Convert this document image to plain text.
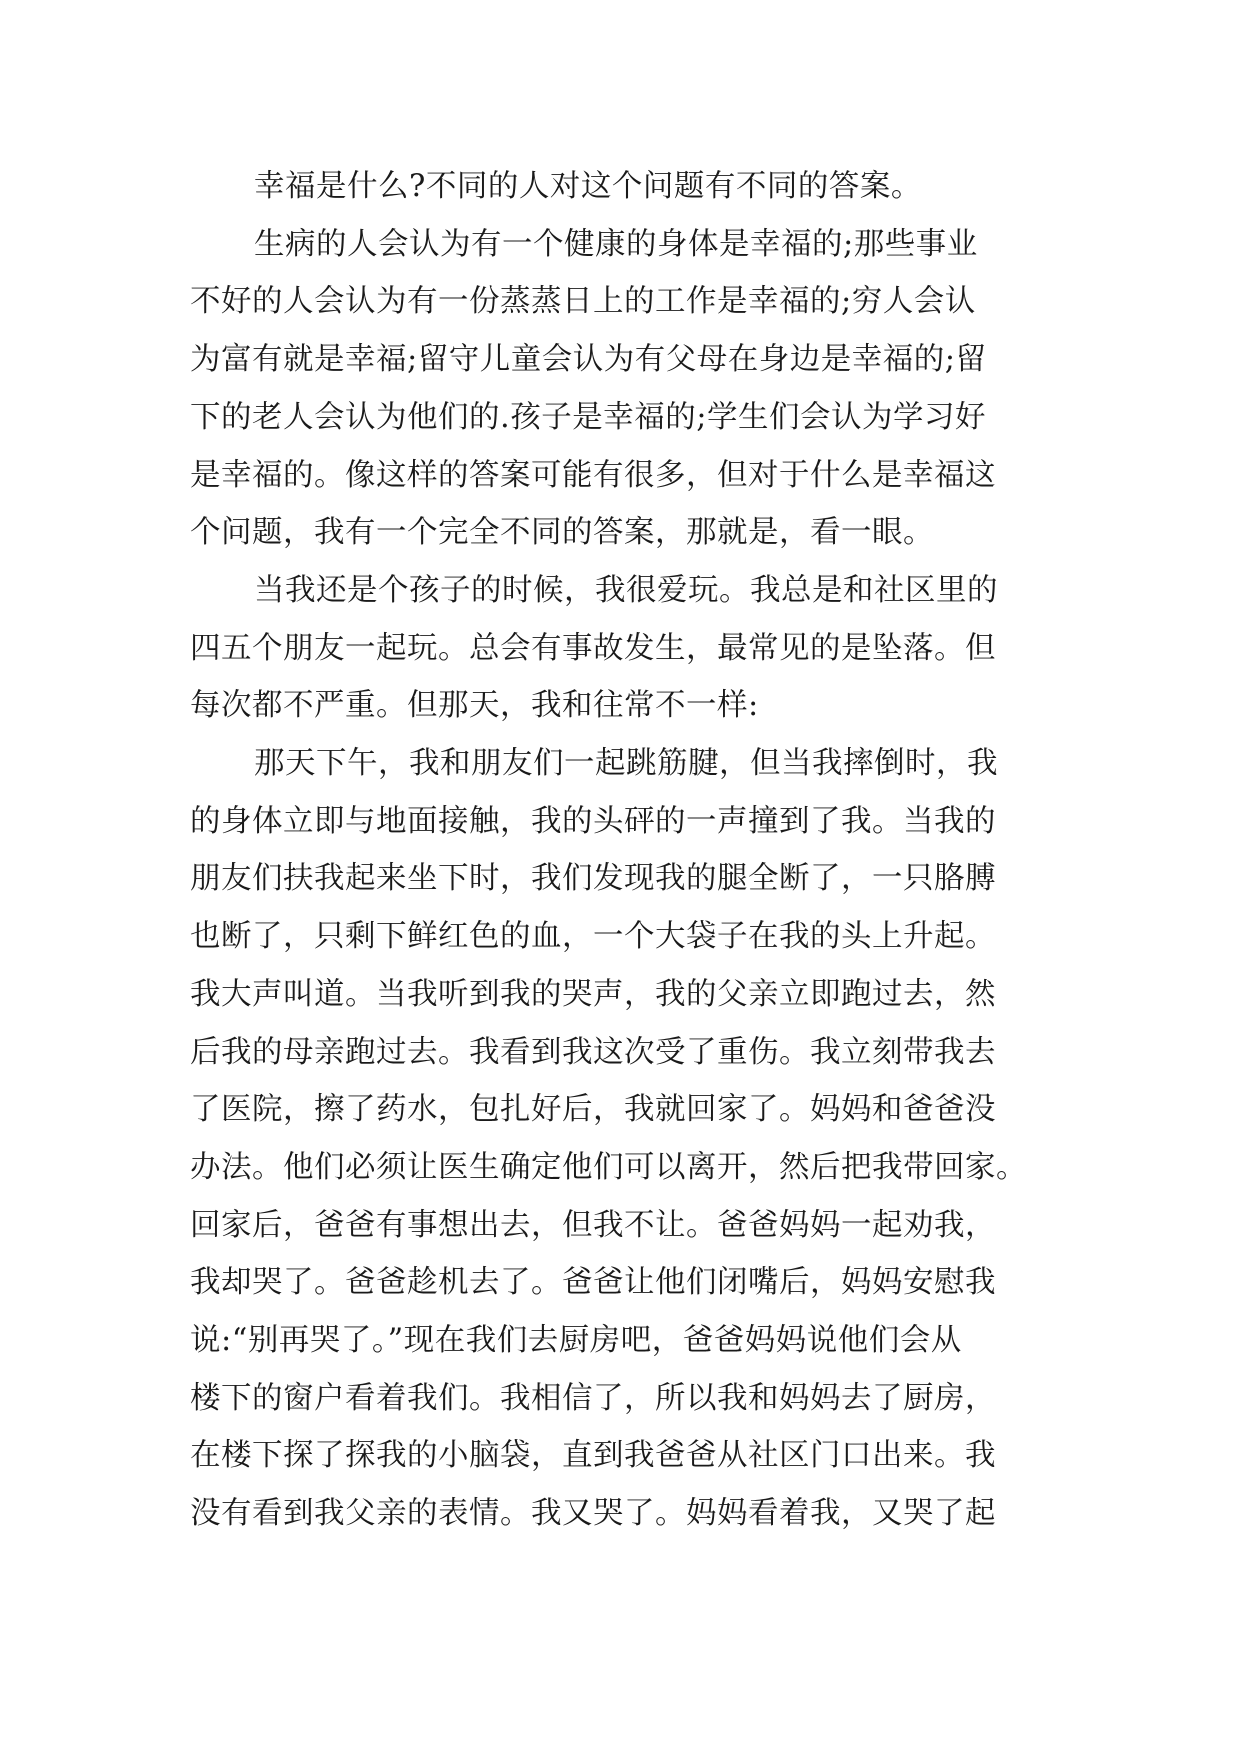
幸福是什么?不同的人对这个问题有不同的答案。

生病的人会认为有一个健康的身体是幸福的;那些事业
不好的人会认为有一份蒸蒸日上的工作是幸福的;穷人会认
为富有就是幸福;留守儿童会认为有父母在身边是幸福的;留
下的老人会认为他们的.孩子是幸福的;学生们会认为学习好
是幸福的。像这样的答案可能有很多，但对于什么是幸福这
个问题，我有一个完全不同的答案，那就是，看一眼。

当我还是个孩子的时候，我很爱玩。我总是和社区里的
四五个朋友一起玩。总会有事故发生，最常见的是坠落。但
每次都不严重。但那天，我和往常不一样:

那天下午，我和朋友们一起跳筋腱，但当我摔倒时，我
的身体立即与地面接触，我的头砰的一声撞到了我。当我的
朋友们扶我起来坐下时，我们发现我的腿全断了，一只胳膊
也断了，只剩下鲜红色的血，一个大袋子在我的头上升起。
我大声叫道。当我听到我的哭声，我的父亲立即跑过去，然
后我的母亲跑过去。我看到我这次受了重伤。我立刻带我去
了医院，擦了药水，包扎好后，我就回家了。妈妈和爸爸没
办法。他们必须让医生确定他们可以离开，然后把我带回家。
回家后，爸爸有事想出去，但我不让。爸爸妈妈一起劝我，
我却哭了。爸爸趁机去了。爸爸让他们闭嘴后，妈妈安慰我
说:“别再哭了。”现在我们去厨房吧，爸爸妈妈说他们会从
楼下的窗户看着我们。我相信了，所以我和妈妈去了厨房，
在楼下探了探我的小脑袋，直到我爸爸从社区门口出来。我
没有看到我父亲的表情。我又哭了。妈妈看着我，又哭了起
